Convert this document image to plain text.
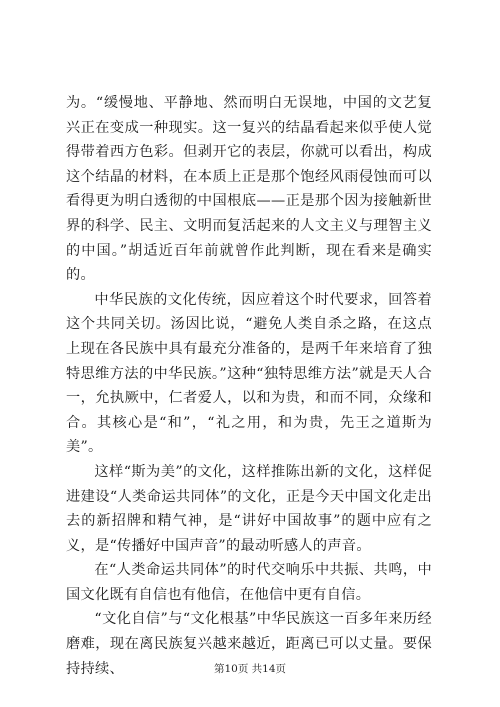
为。“缓慢地、平静地、然而明白无误地，中国的文艺复兴正在变成一种现实。这一复兴的结晶看起来似乎使人觉得带着西方色彩。但剥开它的表层，你就可以看出，构成这个结晶的材料，在本质上正是那个饱经风雨侵蚀而可以看得更为明白透彻的中国根底——正是那个因为接触新世界的科学、民主、文明而复活起来的人文主义与理智主义的中国。”胡适近百年前就曾作此判断，现在看来是确实的。

中华民族的文化传统，因应着这个时代要求，回答着这个共同关切。汤因比说，“避免人类自杀之路，在这点上现在各民族中具有最充分准备的，是两千年来培育了独特思维方法的中华民族。”这种“独特思维方法”就是天人合一，允执厥中，仁者爱人，以和为贵，和而不同，众缘和合。其核心是“和”，“礼之用，和为贵，先王之道斯为美”。

这样“斯为美”的文化，这样推陈出新的文化，这样促进建设“人类命运共同体”的文化，正是今天中国文化走出去的新招牌和精气神，是“讲好中国故事”的题中应有之义，是“传播好中国声音”的最动听感人的声音。

在“人类命运共同体”的时代交响乐中共振、共鸣，中国文化既有自信也有他信，在他信中更有自信。

“文化自信”与“文化根基”中华民族这一百多年来历经磨难，现在离民族复兴越来越近，距离已可以丈量。要保持持续、	第10页 共14页
